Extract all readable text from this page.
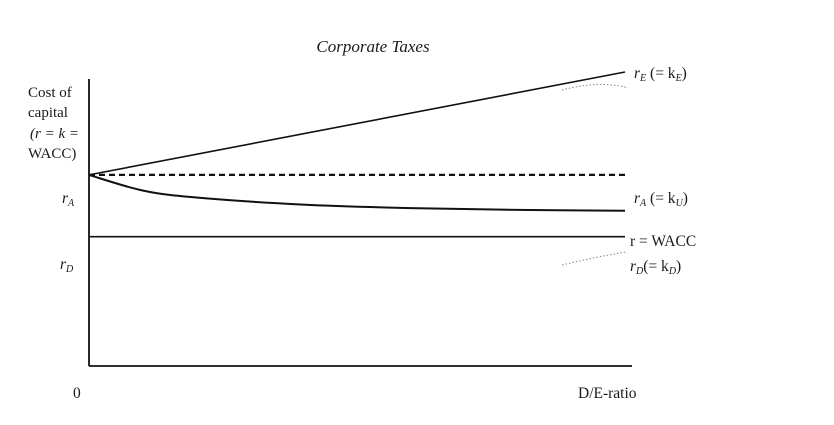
Corporate Taxes
Cost of
capital
(r = k =
WACC)
0	D/E-ratio
rA
rD
rE (= kE)
rA (= kU)
r = WACC
rD(= kD)
